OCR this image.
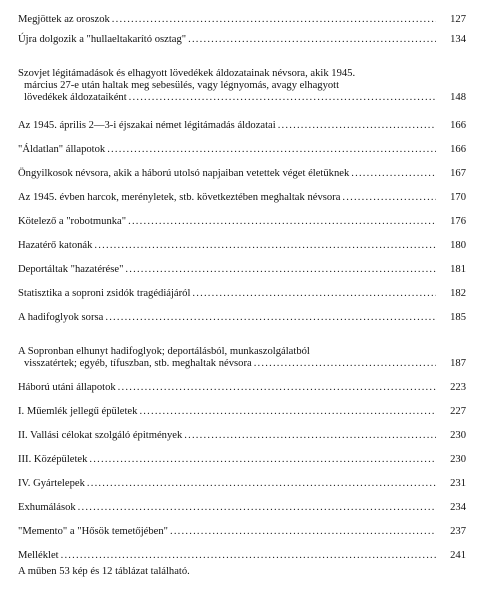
Megjöttek az oroszok .....	127
Újra dolgozik a "hullaeltakarító osztag" .....	134
Szovjet légitámadások és elhagyott lövedékek áldozatainak névsora, akik 1945.
március 27-e után haltak meg sebesülés, vagy légnyomás, avagy elhagyott
lövedékek áldozataiként .....	148
Az 1945. április 2—3-i éjszakai német légitámadás áldozatai .....	166
"Áldatlan" állapotok .....	166
Öngyilkosok névsora, akik a háború utolsó napjaiban vetettek véget életüknek .....	167
Az 1945. évben harcok, merényletek, stb. következtében meghaltak névsora .....	170
Kötelező a "robotmunka" .....	176
Hazatérő katonák .....	180
Deportáltak "hazatérése" .....	181
Statisztika a soproni zsidók tragédiájáról .....	182
A hadifoglyok sorsa .....	185
A Sopronban elhunyt hadifoglyok; deportálásból, munkaszolgálatból
visszatértek; egyéb, tífuszban, stb. meghaltak névsora .....	187
Háború utáni állapotok .....	223
I. Műemlék jellegű épületek .....	227
II. Vallási célokat szolgáló épitmények .....	230
III. Középületek .....	230
IV. Gyártelepek .....	231
Exhumálások .....	234
"Memento" a "Hősök temetőjében" .....	237
Melléklet .....	241
A műben 53 kép és 12 táblázat található.
